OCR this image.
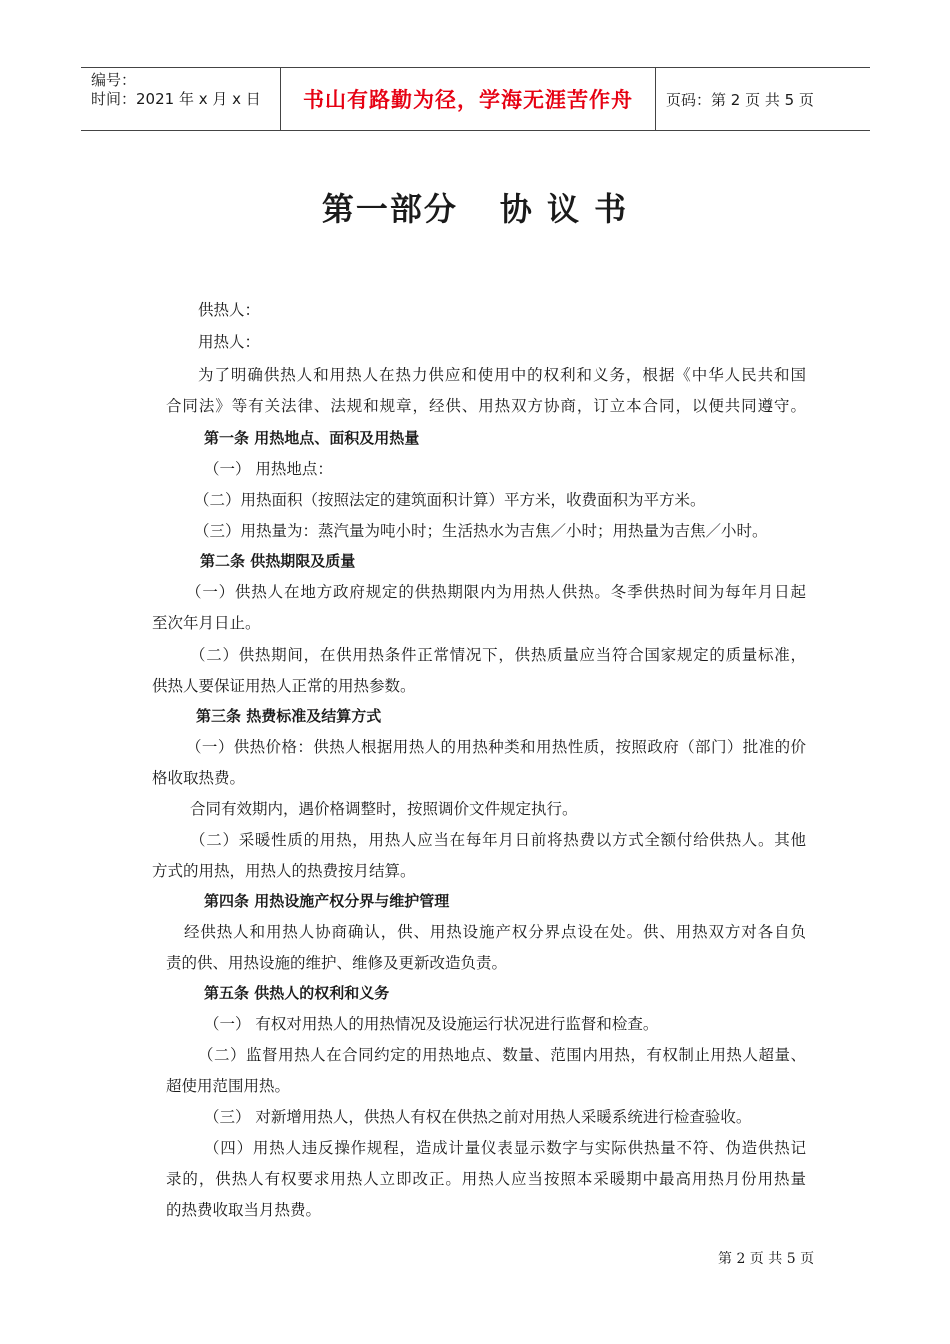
编号：
时间：2021 年 x 月 x 日	书山有路勤为径，学海无涯苦作舟	页码：第 2 页 共 5 页
第一部分 协 议 书
供热人：
用热人：
为了明确供热人和用热人在热力供应和使用中的权利和义务，根据《中华人民共和国
合同法》等有关法律、法规和规章，经供、用热双方协商，订立本合同，以便共同遵守。
第一条 用热地点、面积及用热量
（一） 用热地点：
（二）用热面积（按照法定的建筑面积计算）平方米，收费面积为平方米。
（三）用热量为：蒸汽量为吨小时；生活热水为吉焦／小时；用热量为吉焦／小时。
第二条 供热期限及质量
（一）供热人在地方政府规定的供热期限内为用热人供热。冬季供热时间为每年月日起
至次年月日止。
（二）供热期间，在供用热条件正常情况下，供热质量应当符合国家规定的质量标准，
供热人要保证用热人正常的用热参数。
第三条 热费标准及结算方式
（一）供热价格：供热人根据用热人的用热种类和用热性质，按照政府（部门）批准的价
格收取热费。
合同有效期内，遇价格调整时，按照调价文件规定执行。
（二）采暖性质的用热，用热人应当在每年月日前将热费以方式全额付给供热人。其他
方式的用热，用热人的热费按月结算。
第四条 用热设施产权分界与维护管理
经供热人和用热人协商确认，供、用热设施产权分界点设在处。供、用热双方对各自负
责的供、用热设施的维护、维修及更新改造负责。
第五条 供热人的权利和义务
（一） 有权对用热人的用热情况及设施运行状况进行监督和检查。
（二）监督用热人在合同约定的用热地点、数量、范围内用热，有权制止用热人超量、
超使用范围用热。
（三） 对新增用热人，供热人有权在供热之前对用热人采暖系统进行检查验收。
（四）用热人违反操作规程，造成计量仪表显示数字与实际供热量不符、伪造供热记
录的，供热人有权要求用热人立即改正。用热人应当按照本采暖期中最高用热月份用热量
的热费收取当月热费。
第 2 页 共 5 页
